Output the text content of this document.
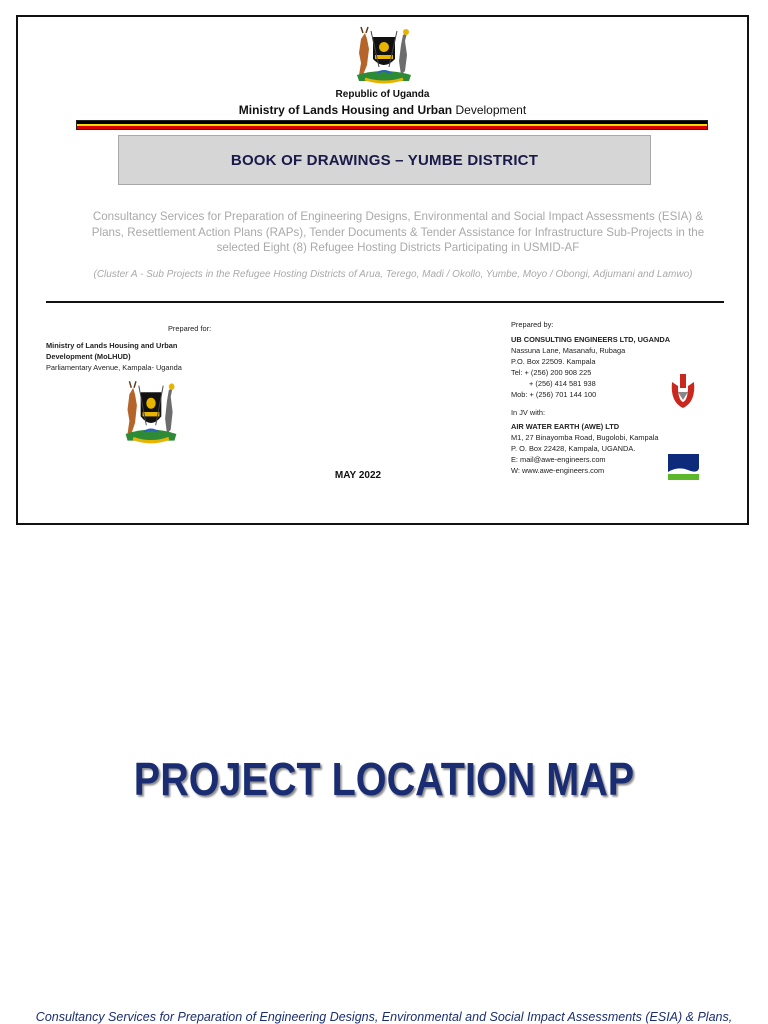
Republic of Uganda
Ministry of Lands Housing and Urban Development
BOOK OF DRAWINGS – YUMBE DISTRICT
Consultancy Services for Preparation of Engineering Designs, Environmental and Social Impact Assessments (ESIA) & Plans, Resettlement Action Plans (RAPs), Tender Documents & Tender Assistance for Infrastructure Sub-Projects in the selected Eight (8) Refugee Hosting Districts Participating in USMID-AF
(Cluster A - Sub Projects in the Refugee Hosting Districts of Arua, Terego, Madi / Okollo, Yumbe, Moyo / Obongi, Adjumani and Lamwo)
Prepared for:
Ministry of Lands Housing and Urban
Development (MoLHUD)
Parliamentary Avenue, Kampala- Uganda
MAY 2022
Prepared by:
UB CONSULTING ENGINEERS LTD, UGANDA
Nassuna Lane, Masanafu, Rubaga
P.O. Box 22509. Kampala
Tel: + (256) 200 908 225
+ (256) 414 581 938
Mob: + (256) 701 144 100
In JV with:
AIR WATER EARTH (AWE) LTD
M1, 27 Binayomba Road, Bugolobi, Kampala
P. O. Box 22428, Kampala, UGANDA.
E: mail@awe-engineers.com
W: www.awe-engineers.com
PROJECT LOCATION MAP
Consultancy Services for Preparation of Engineering Designs, Environmental and Social Impact Assessments (ESIA) & Plans,
